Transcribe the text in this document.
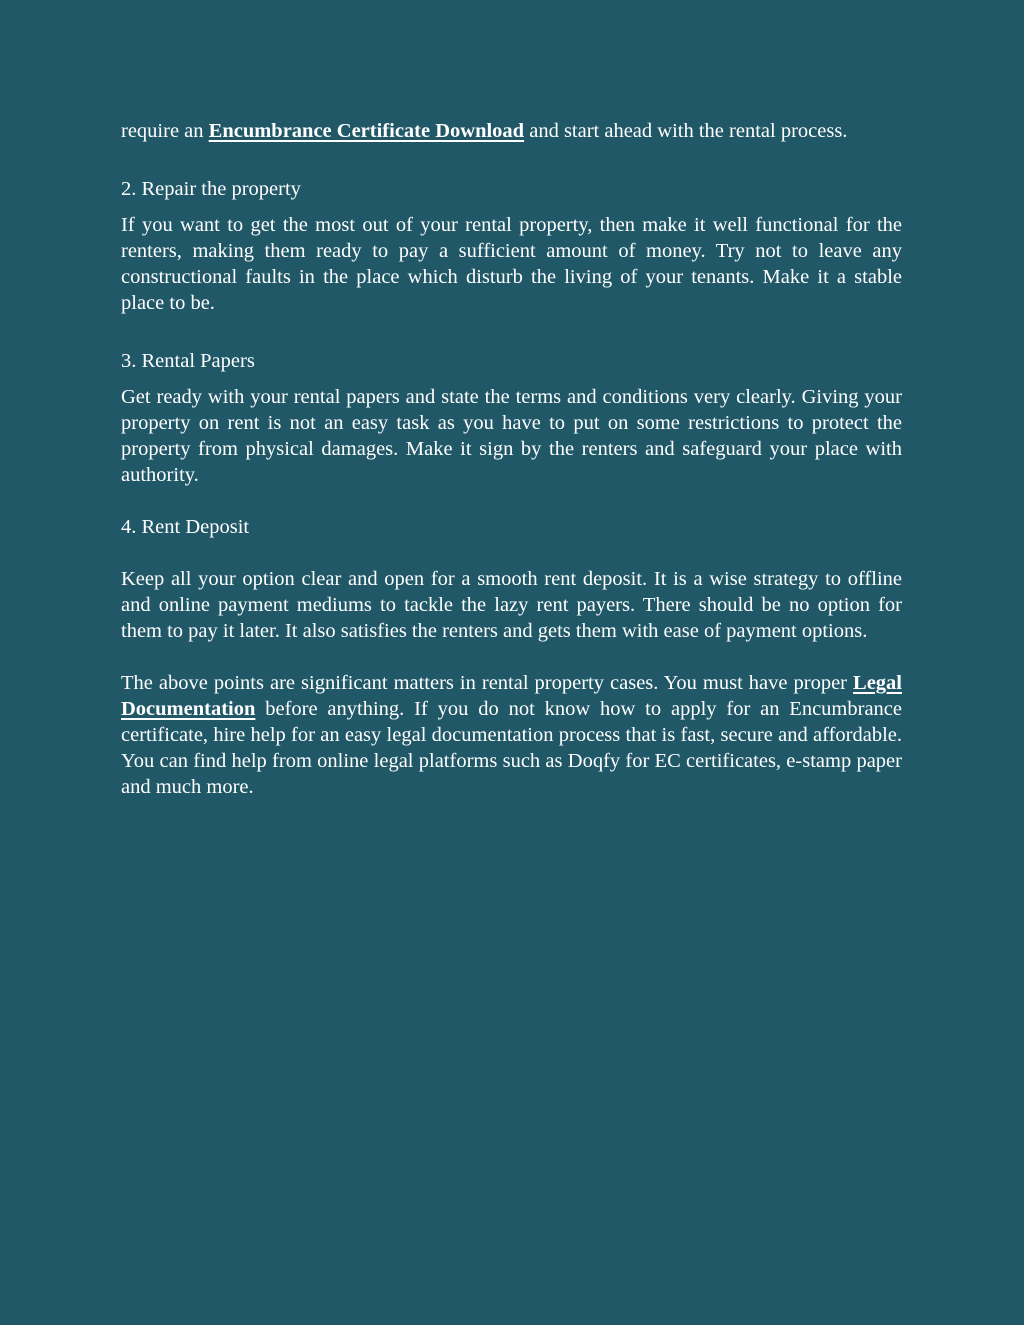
require an Encumbrance Certificate Download and start ahead with the rental process.

2. Repair the property

If you want to get the most out of your rental property, then make it well functional for the renters, making them ready to pay a sufficient amount of money. Try not to leave any constructional faults in the place which disturb the living of your tenants. Make it a stable place to be.

3. Rental Papers

Get ready with your rental papers and state the terms and conditions very clearly. Giving your property on rent is not an easy task as you have to put on some restrictions to protect the property from physical damages. Make it sign by the renters and safeguard your place with authority.

4. Rent Deposit

Keep all your option clear and open for a smooth rent deposit. It is a wise strategy to offline and online payment mediums to tackle the lazy rent payers. There should be no option for them to pay it later. It also satisfies the renters and gets them with ease of payment options.

The above points are significant matters in rental property cases. You must have proper Legal Documentation before anything. If you do not know how to apply for an Encumbrance certificate, hire help for an easy legal documentation process that is fast, secure and affordable. You can find help from online legal platforms such as Doqfy for EC certificates, e-stamp paper and much more.
